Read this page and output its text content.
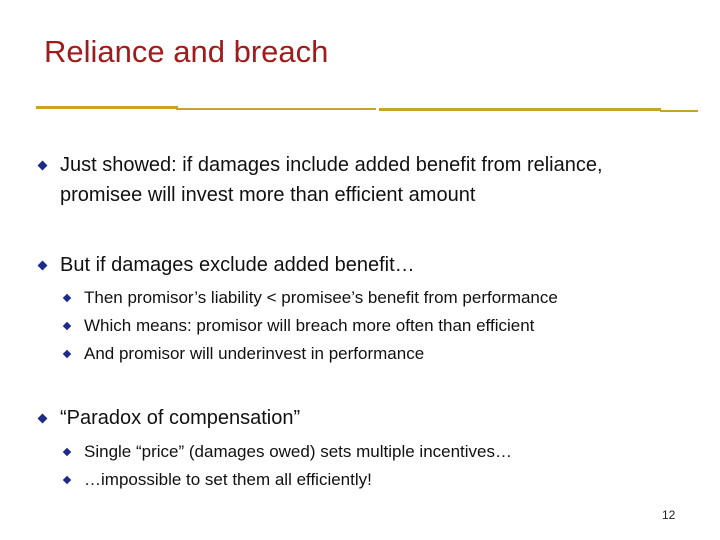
Reliance and breach
Just showed: if damages include added benefit from reliance, promisee will invest more than efficient amount
But if damages exclude added benefit…
Then promisor’s liability < promisee’s benefit from performance
Which means: promisor will breach more often than efficient
And promisor will underinvest in performance
“Paradox of compensation”
Single “price” (damages owed) sets multiple incentives…
…impossible to set them all efficiently!
12
